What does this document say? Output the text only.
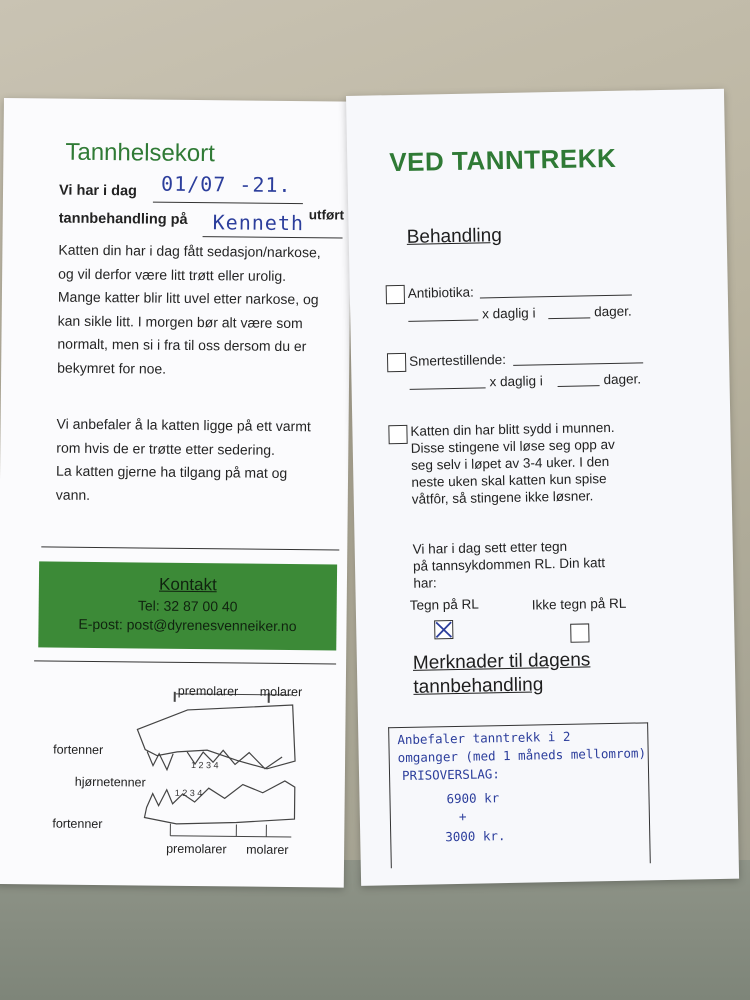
Tannhelsekort
Vi har i dag 01/07 -21.
utført
tannbehandling på Kenneth
Katten din har i dag fått sedasjon/narkose,
og vil derfor være litt trøtt eller urolig.
Mange katter blir litt uvel etter narkose, og
kan sikle litt. I morgen bør alt være som
normalt, men si i fra til oss dersom du er
bekymret for noe.
Vi anbefaler å la katten ligge på ett varmt
rom hvis de er trøtte etter sedering.
La katten gjerne ha tilgang på mat og
vann.
Kontakt
Tel: 32 87 00 40
E-post: post@dyrenesvenneiker.no
1 2 3 4
1 2 3 4
premolarer molarer
fortenner
hjørnetenner
fortenner
premolarer molarer
VED TANNTREKK
Behandling
Antibiotika:
x daglig i	dager.
Smertestillende:
x daglig i	dager.
Katten din har blitt sydd i munnen.
Disse stingene vil løse seg opp av
seg selv i løpet av 3-4 uker. I den
neste uken skal katten kun spise
våtfôr, så stingene ikke løsner.
Vi har i dag sett etter tegn
på tannsykdommen RL. Din katt
har:
Tegn på RL	Ikke tegn på RL
Merknader til dagens
tannbehandling
Anbefaler tanntrekk i 2
omganger (med 1 måneds mellomrom)
PRISOVERSLAG:
6900 kr
+
3000 kr.
